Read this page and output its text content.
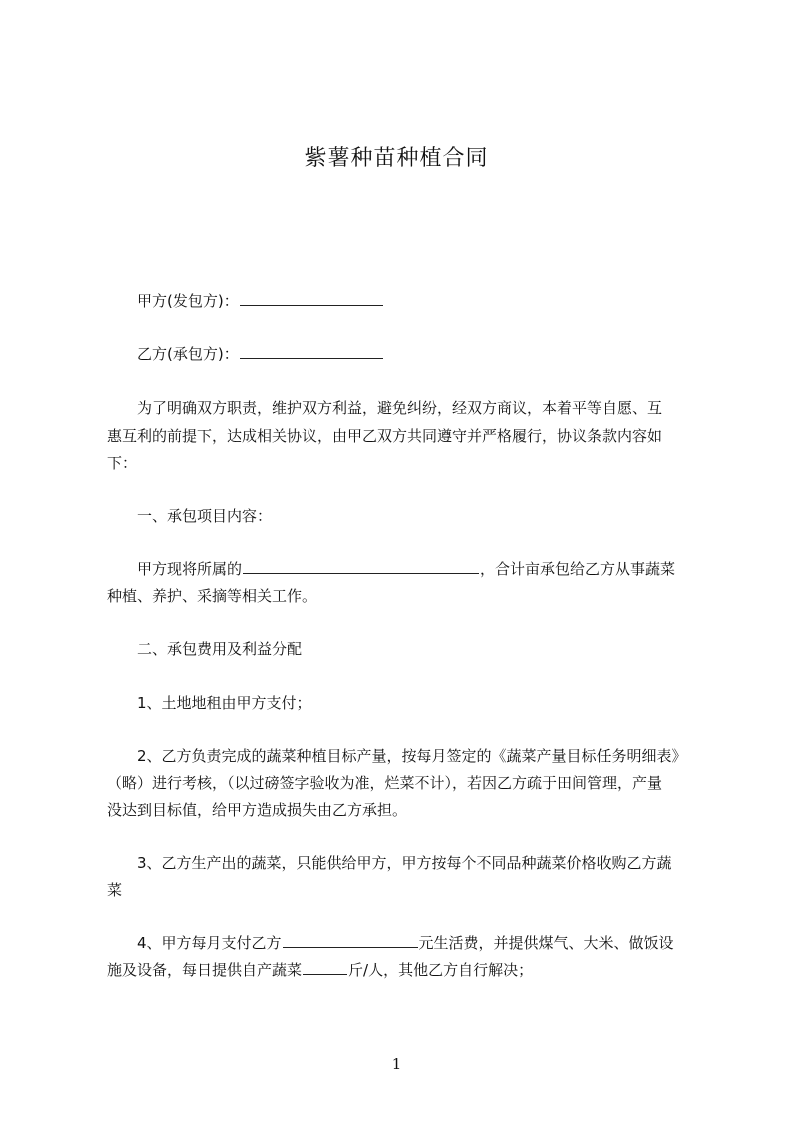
紫薯种苗种植合同
甲方(发包方)：
乙方(承包方)：
为了明确双方职责，维护双方利益，避免纠纷，经双方商议，本着平等自愿、互
惠互利的前提下，达成相关协议，由甲乙双方共同遵守并严格履行，协议条款内容如
下：
一、承包项目内容：
甲方现将所属的	，合计亩承包给乙方从事蔬菜
种植、养护、采摘等相关工作。
二、承包费用及利益分配
1、土地地租由甲方支付；
2、乙方负责完成的蔬菜种植目标产量，按每月签定的《蔬菜产量目标任务明细表》
（略）进行考核，（以过磅签字验收为准，烂菜不计），若因乙方疏于田间管理，产量
没达到目标值，给甲方造成损失由乙方承担。
3、乙方生产出的蔬菜，只能供给甲方，甲方按每个不同品种蔬菜价格收购乙方蔬
菜
4、甲方每月支付乙方	元生活费，并提供煤气、大米、做饭设
施及设备，每日提供自产蔬菜	斤/人，其他乙方自行解决；
1
